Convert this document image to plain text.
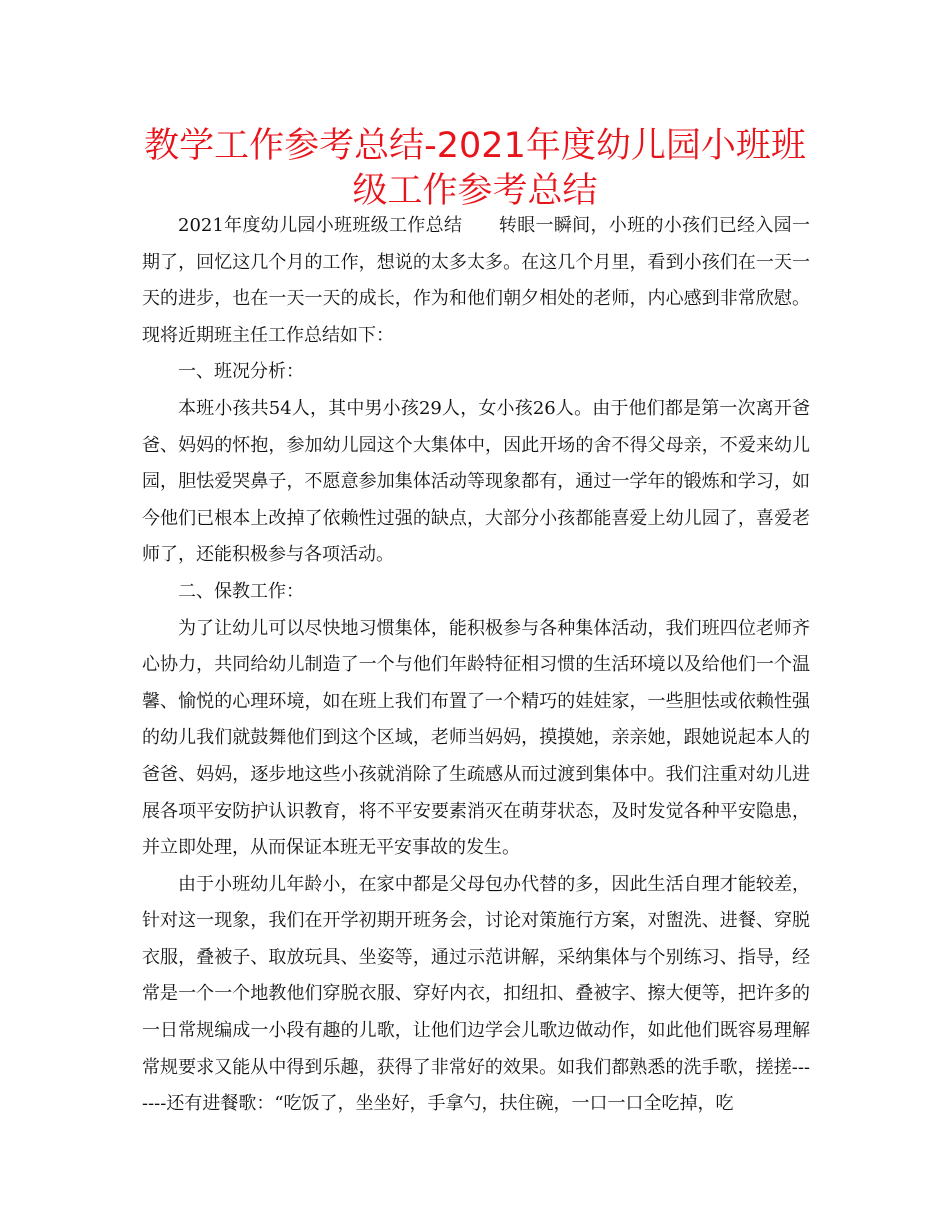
教学工作参考总结-2021年度幼儿园小班班级工作参考总结

2021年度幼儿园小班班级工作总结　　转眼一瞬间，小班的小孩们已经入园一期了，回忆这几个月的工作，想说的太多太多。在这几个月里，看到小孩们在一天一天的进步，也在一天一天的成长，作为和他们朝夕相处的老师，内心感到非常欣慰。现将近期班主任工作总结如下：

一、班况分析：

本班小孩共54人，其中男小孩29人，女小孩26人。由于他们都是第一次离开爸爸、妈妈的怀抱，参加幼儿园这个大集体中，因此开场的舍不得父母亲，不爱来幼儿园，胆怯爱哭鼻子，不愿意参加集体活动等现象都有，通过一学年的锻炼和学习，如今他们已根本上改掉了依赖性过强的缺点，大部分小孩都能喜爱上幼儿园了，喜爱老师了，还能积极参与各项活动。

二、保教工作：

为了让幼儿可以尽快地习惯集体，能积极参与各种集体活动，我们班四位老师齐心协力，共同给幼儿制造了一个与他们年龄特征相习惯的生活环境以及给他们一个温馨、愉悦的心理环境，如在班上我们布置了一个精巧的娃娃家，一些胆怯或依赖性强的幼儿我们就鼓舞他们到这个区域，老师当妈妈，摸摸她，亲亲她，跟她说起本人的爸爸、妈妈，逐步地这些小孩就消除了生疏感从而过渡到集体中。我们注重对幼儿进展各项平安防护认识教育，将不平安要素消灭在萌芽状态，及时发觉各种平安隐患，并立即处理，从而保证本班无平安事故的发生。

由于小班幼儿年龄小，在家中都是父母包办代替的多，因此生活自理才能较差，针对这一现象，我们在开学初期开班务会，讨论对策施行方案，对盥洗、进餐、穿脱衣服，叠被子、取放玩具、坐姿等，通过示范讲解，采纳集体与个别练习、指导，经常是一个一个地教他们穿脱衣服、穿好内衣，扣纽扣、叠被字、擦大便等，把许多的一日常规编成一小段有趣的儿歌，让他们边学会儿歌边做动作，如此他们既容易理解常规要求又能从中得到乐趣，获得了非常好的效果。如我们都熟悉的洗手歌，搓搓-------还有进餐歌：“吃饭了，坐坐好，手拿勺，扶住碗，一口一口全吃掉，吃
